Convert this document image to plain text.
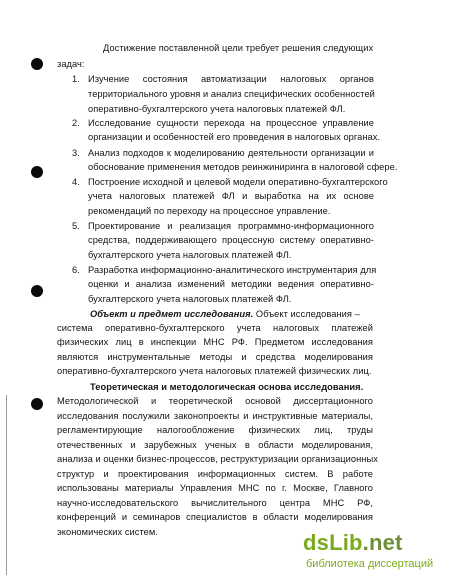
Достижение поставленной цели требует решения следующих

задач:

1. Изучение состояния автоматизации налоговых органов

территориального уровня и анализ специфических особенностей

оперативно-бухгалтерского учета налоговых платежей ФЛ.

2. Исследование сущности перехода на процессное управление

организации и особенностей его проведения в налоговых органах.

3. Анализ подходов к моделированию деятельности организации и

обоснование применения методов реинжиниринга в налоговой сфере.

4. Построение исходной и целевой модели оперативно-бухгалтерского

учета налоговых платежей ФЛ и выработка на их основе

рекомендаций по переходу на процессное управление.

5. Проектирование и реализация программно-информационного

средства, поддерживающего процессную систему оперативно-

бухгалтерского учета налоговых платежей ФЛ.

6. Разработка информационно-аналитического инструментария для

оценки и анализа изменений методики ведения оперативно-

бухгалтерского учета налоговых платежей ФЛ.

Объект и предмет исследования. Объект исследования –

система оперативно-бухгалтерского учета налоговых платежей

физических лиц в инспекции МНС РФ. Предметом исследования

являются инструментальные методы и средства моделирования

оперативно-бухгалтерского учета налоговых платежей физических лиц.

Теоретическая и методологическая основа исследования.

Методологической и теоретической основой диссертационного

исследования послужили законопроекты и инструктивные материалы,

регламентирующие налогообложение физических лиц, труды

отечественных и зарубежных ученых в области моделирования,

анализа и оценки бизнес-процессов, реструктуризации организационных

структур и проектирования информационных систем. В работе

использованы материалы Управления МНС по г. Москве, Главного

научно-исследовательского вычислительного центра МНС РФ,

конференций и семинаров специалистов в области моделирования

экономических систем.	dsLib.net
библиотека диссертаций
